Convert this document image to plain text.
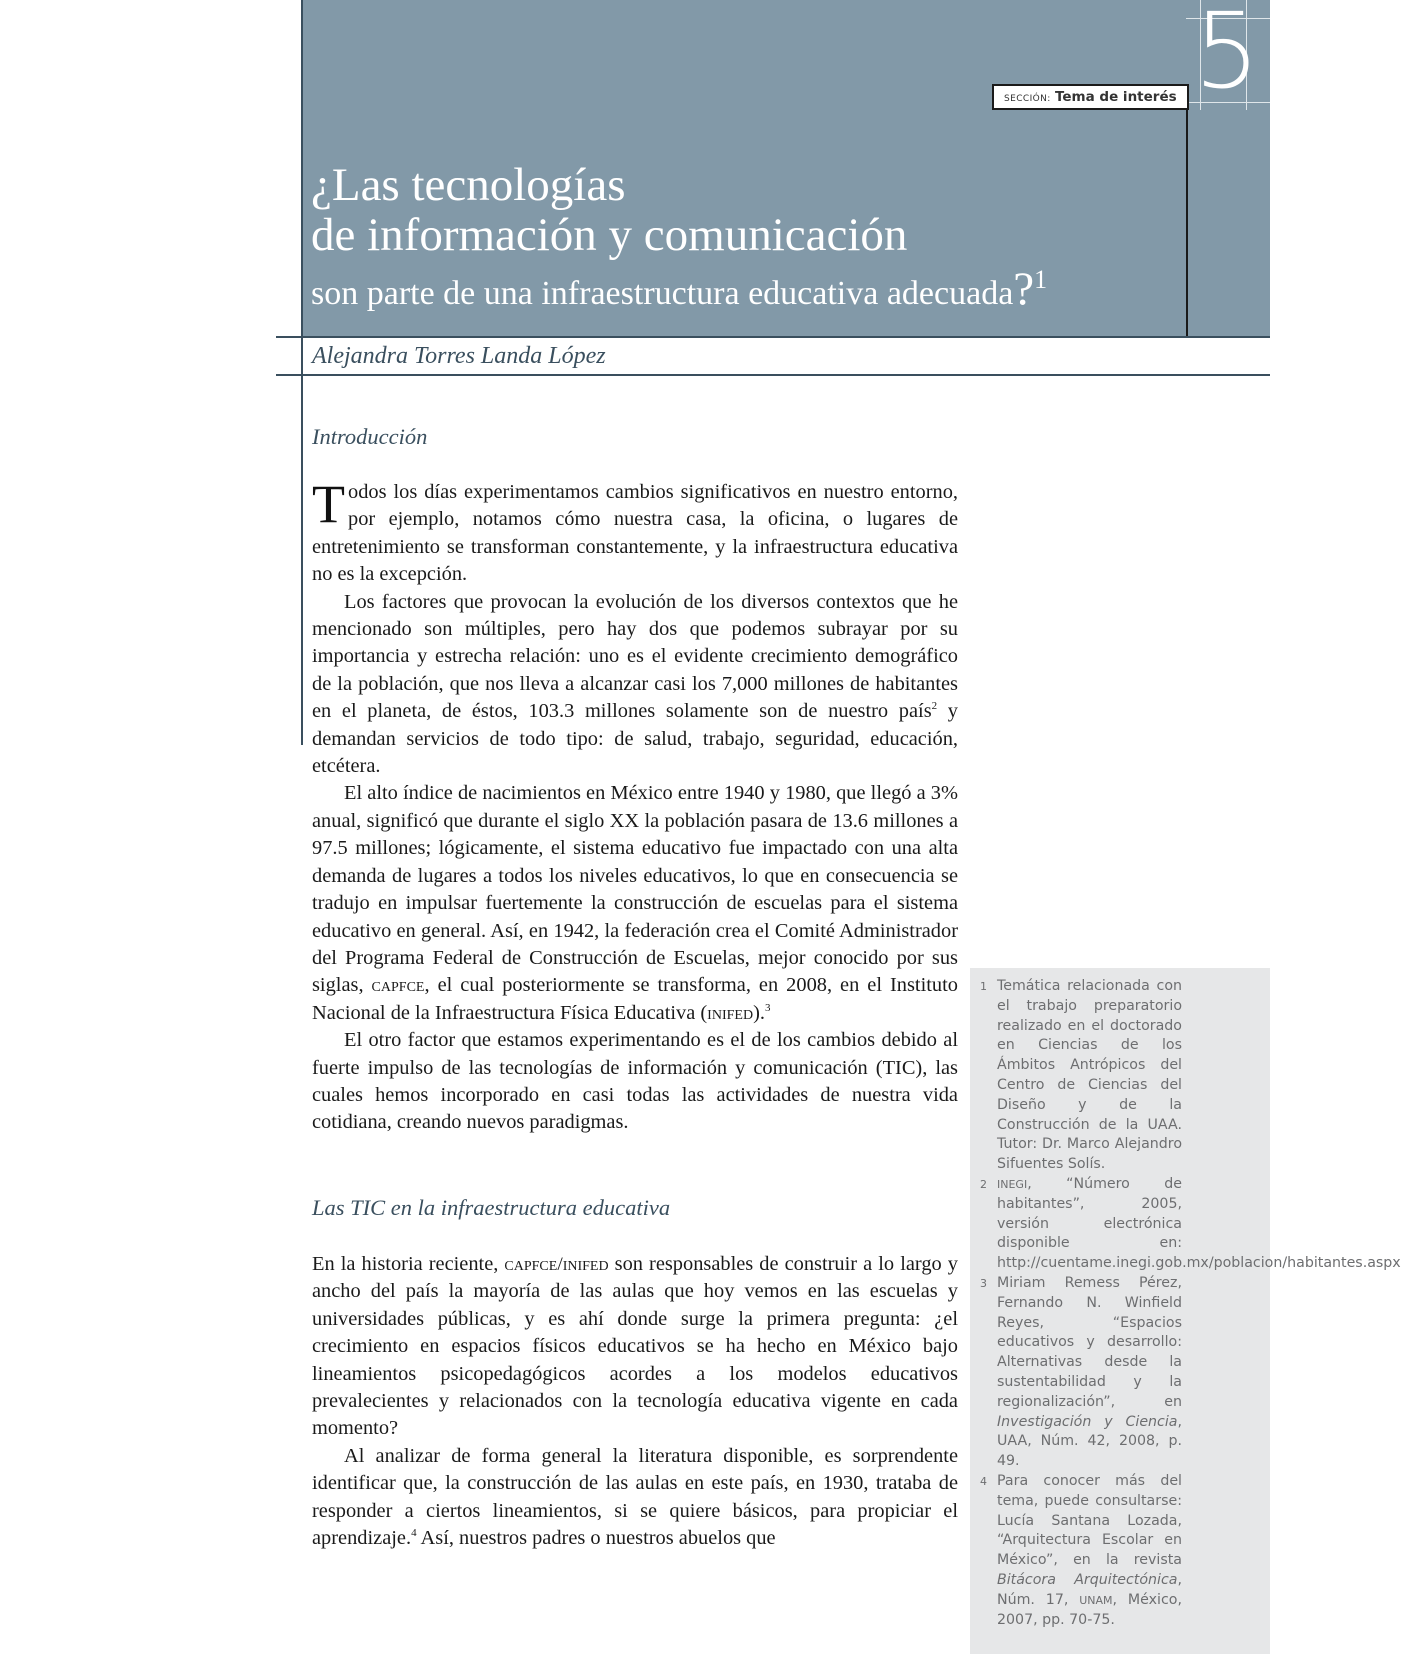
5
SECCIÓN: Tema de interés
¿Las tecnologías
de información y comunicación
son parte de una infraestructura educativa adecuada?$^1$
Alejandra Torres Landa López
Introducción

Todos los días experimentamos cambios significativos en nuestro entorno, por ejemplo, notamos cómo nuestra casa, la oficina, o lugares de entretenimiento se transforman constantemente, y la infraestructura educativa no es la excepción.

Los factores que provocan la evolución de los diversos contextos que he mencionado son múltiples, pero hay dos que podemos subrayar por su importancia y estrecha relación: uno es el evidente crecimiento demográfico de la población, que nos lleva a alcanzar casi los 7,000 millones de habitantes en el planeta, de éstos, 103.3 millones solamente son de nuestro país$^2$ y demandan servicios de todo tipo: de salud, trabajo, seguridad, educación, etcétera.

El alto índice de nacimientos en México entre 1940 y 1980, que llegó a 3% anual, significó que durante el siglo XX la población pasara de 13.6 millones a 97.5 millones; lógicamente, el sistema educativo fue impactado con una alta demanda de lugares a todos los niveles educativos, lo que en consecuencia se tradujo en impulsar fuertemente la construcción de escuelas para el sistema educativo en general. Así, en 1942, la federación crea el Comité Administrador del Programa Federal de Construcción de Escuelas, mejor conocido por sus siglas, capfce, el cual posteriormente se transforma, en 2008, en el Instituto Nacional de la Infraestructura Física Educativa (inifed).$^3$

El otro factor que estamos experimentando es el de los cambios debido al fuerte impulso de las tecnologías de información y comunicación (TIC), las cuales hemos incorporado en casi todas las actividades de nuestra vida cotidiana, creando nuevos paradigmas.

Las TIC en la infraestructura educativa

En la historia reciente, capfce/inifed son responsables de construir a lo largo y ancho del país la mayoría de las aulas que hoy vemos en las escuelas y universidades públicas, y es ahí donde surge la primera pregunta: ¿el crecimiento en espacios físicos educativos se ha hecho en México bajo lineamientos psicopedagógicos acordes a los modelos educativos prevalecientes y relacionados con la tecnología educativa vigente en cada momento?

Al analizar de forma general la literatura disponible, es sorprendente identificar que, la construcción de las aulas en este país, en 1930, trataba de responder a ciertos lineamientos, si se quiere básicos, para propiciar el aprendizaje.$^4$ Así, nuestros padres o nuestros abuelos que

1 Temática relacionada con el trabajo preparatorio realizado en el doctorado en Ciencias de los Ámbitos Antrópicos del Centro de Ciencias del Diseño y de la Construcción de la UAA. Tutor: Dr. Marco Alejandro Sifuentes Solís.

2 INEGI, “Número de habitantes”, 2005, versión electrónica disponible en: http://cuentame.inegi.gob.mx/poblacion/habitantes.aspx

3 Miriam Remess Pérez, Fernando N. Winfield Reyes, “Espacios educativos y desarrollo: Alternativas desde la sustentabilidad y la regionalización”, en Investigación y Ciencia, UAA, Núm. 42, 2008, p. 49.

4 Para conocer más del tema, puede consultarse: Lucía Santana Lozada, “Arquitectura Escolar en México”, en la revista Bitácora Arquitectónica, Núm. 17, UNAM, México, 2007, pp. 70-75.
